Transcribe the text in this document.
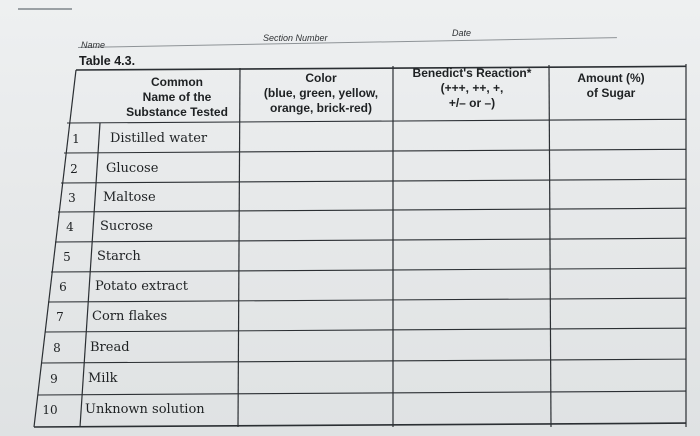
Name
Section Number	Date
Table 4.3.
Common
Name of the
Substance Tested
Color
(blue, green, yellow,
orange, brick-red)
Benedict's Reaction*
(+++, ++, +,
+/– or –)
Amount (%)
of Sugar
1
2
3
4
5
6
7
8
9
10
Distilled water
Glucose
Maltose
Sucrose
Starch
Potato extract
Corn flakes
Bread
Milk
Unknown solution
